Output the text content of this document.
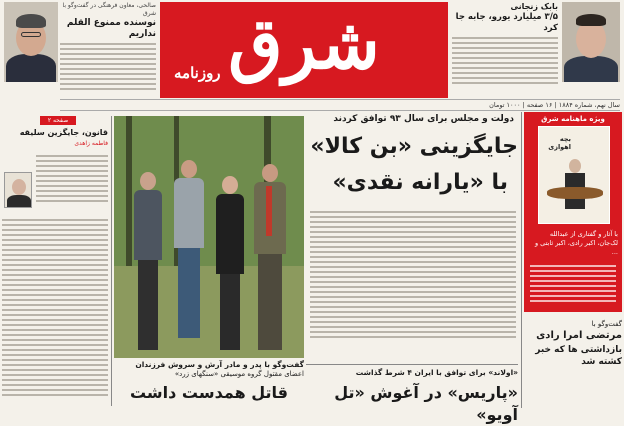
صالحی، معاون فرهنگی در گفت‌وگو با شرق
نوسنده ممنوع القلم نداریم	شرق
روزنامه
بابک زنجانی
۳/۵ میلیارد یورو، جابه جا کرد
سال نهم، شماره ۱۸۸۴ | ۱۶ صفحه | ۱۰۰۰ تومان
صفحه ۲
قانون، جایگزین سلیقه
فاطمه زاهدی
گفت‌وگو با پدر و مادر آرش و سروش فرزندان
اعضای مقتول گروه موسیقی «سنگهای زرد»
قاتل همدست داشت
دولت و مجلس برای سال ۹۳ توافق کردند
جایگزینی «بن کالا»
با «یارانه نقدی»
«اولاند» برای توافق با ایران ۴ شرط گذاشت
«پاریس» در آغوش «تل آویو»
ویژه ماهنامه شرق
بچه اهوازی
با آثار و گفتاری از عبدالله لک‌جان، اکبر رادی، اکبر ثابتی و ...
گفت‌وگو با
مرتضی امرا رادی
بازداشتی ها که خبر کشته شد
